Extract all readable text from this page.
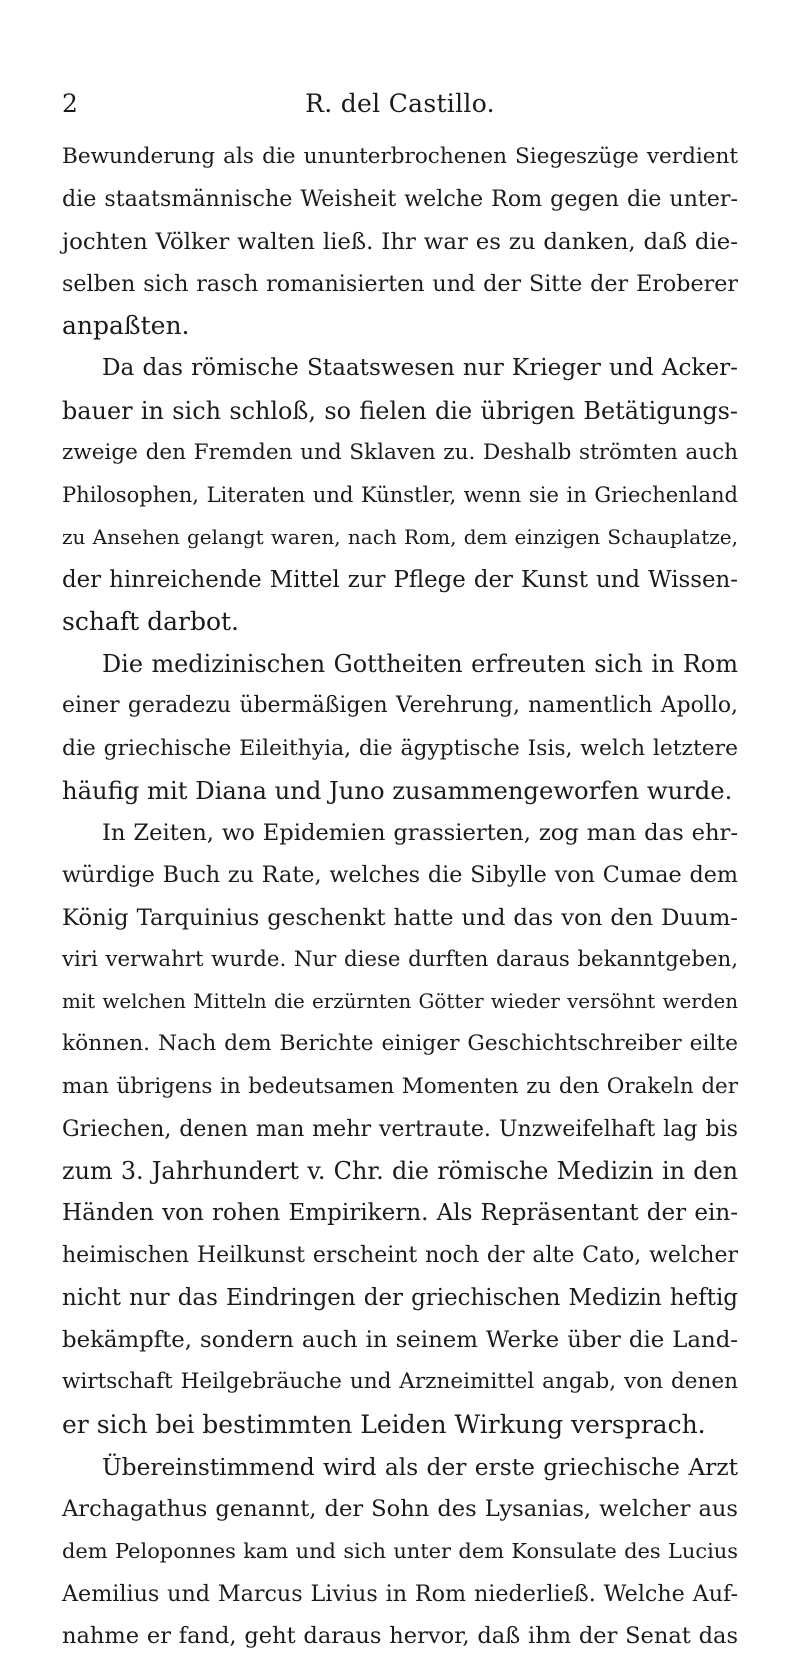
2	R. del Castillo.
Bewunderung als die ununterbrochenen Siegeszüge verdient
die staatsmännische Weisheit welche Rom gegen die unter-
jochten Völker walten ließ. Ihr war es zu danken, daß die-
selben sich rasch romanisierten und der Sitte der Eroberer
anpaßten.
Da das römische Staatswesen nur Krieger und Acker-
bauer in sich schloß, so fielen die übrigen Betätigungs-
zweige den Fremden und Sklaven zu. Deshalb strömten auch
Philosophen, Literaten und Künstler, wenn sie in Griechenland
zu Ansehen gelangt waren, nach Rom, dem einzigen Schauplatze,
der hinreichende Mittel zur Pflege der Kunst und Wissen-
schaft darbot.
Die medizinischen Gottheiten erfreuten sich in Rom
einer geradezu übermäßigen Verehrung, namentlich Apollo,
die griechische Eileithyia, die ägyptische Isis, welch letztere
häufig mit Diana und Juno zusammengeworfen wurde.
In Zeiten, wo Epidemien grassierten, zog man das ehr-
würdige Buch zu Rate, welches die Sibylle von Cumae dem
König Tarquinius geschenkt hatte und das von den Duum-
viri verwahrt wurde. Nur diese durften daraus bekanntgeben,
mit welchen Mitteln die erzürnten Götter wieder versöhnt werden
können. Nach dem Berichte einiger Geschichtschreiber eilte
man übrigens in bedeutsamen Momenten zu den Orakeln der
Griechen, denen man mehr vertraute. Unzweifelhaft lag bis
zum 3. Jahrhundert v. Chr. die römische Medizin in den
Händen von rohen Empirikern. Als Repräsentant der ein-
heimischen Heilkunst erscheint noch der alte Cato, welcher
nicht nur das Eindringen der griechischen Medizin heftig
bekämpfte, sondern auch in seinem Werke über die Land-
wirtschaft Heilgebräuche und Arzneimittel angab, von denen
er sich bei bestimmten Leiden Wirkung versprach.
Übereinstimmend wird als der erste griechische Arzt
Archagathus genannt, der Sohn des Lysanias, welcher aus
dem Peloponnes kam und sich unter dem Konsulate des Lucius
Aemilius und Marcus Livius in Rom niederließ. Welche Auf-
nahme er fand, geht daraus hervor, daß ihm der Senat das
